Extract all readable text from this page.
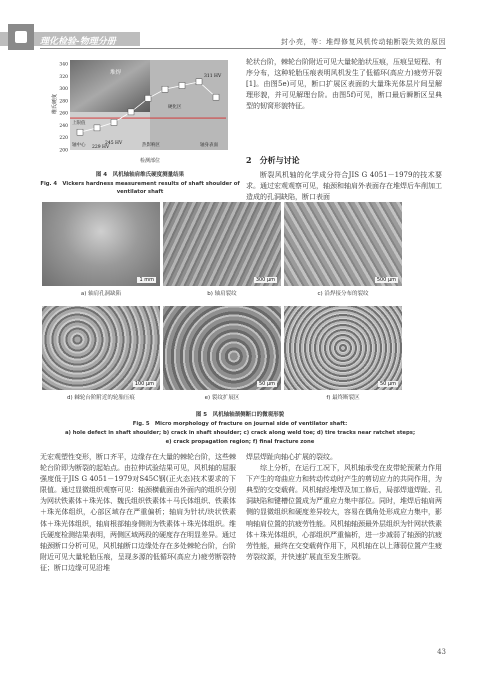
理化检验-物理分册	封小亮，等：堆焊修复风机传动轴断裂失效的原因
200
220
240
260
280
300
320
340
堆焊
上限值
硬化区
轴中心	热影响区	轴身表面
311 HV
245 HV
229 HV
维氏硬度
检测部位
图 4　风机轴轴肩维氏硬度测量结果
Fig. 4　Vickers hardness measurement results of shaft shoulder of ventilator shaft
轮状台阶，棘轮台阶附近可见大量轮胎状压痕，压痕呈短程、有序分布，这种轮胎压痕表明风机发生了低循环(高应力)疲劳开裂[1]。由图5e)可见，断口扩展区表面的大量珠光体层片间呈解理形貌，并可见解理台阶。由图5f)可见，断口最后瞬断区呈典型的韧窝形貌特征。
2　分析与讨论
断裂风机轴的化学成分符合JIS G 4051－1979的技术要求。通过宏观观察可见，轴颈和轴肩外表面存在堆焊后车削加工造成的孔洞缺陷，断口表面
1 mm
a) 轴肩孔洞缺陷
300 μm
b) 轴肩裂纹
500 μm
c) 沿焊接分布的裂纹
100 μm
d) 棘轮台阶附近的轮胎压痕
50 μm
e) 裂纹扩展区
50 μm
f) 最终断裂区
图 5　风机轴轴颈侧断口的微观形貌
Fig. 5　Micro morphology of fracture on journal side of ventilator shaft:
a) hole defect in shaft shoulder; b) crack in shaft shoulder; c) crack along weld toe; d) tire tracks near ratchet steps;
e) crack propagation region; f) final fracture zone
无宏观塑性变形，断口齐平，边缘存在大量的棘轮台阶，这些棘轮台阶即为断裂的起始点。由拉伸试验结果可见，风机轴的屈服强度低于JIS G 4051－1979对S45C钢(正火态)技术要求的下限值。通过显微组织观察可见：轴颈横截面由外面内的组织分别为网状铁素体＋珠光体、魏氏组织铁素体＋马氏体组织、铁素体＋珠光体组织，心部区域存在严重偏析；轴肩为针状/块状铁素体＋珠光体组织，轴肩根部轴身侧则为铁素体＋珠光体组织。维氏硬度检测结果表明，两侧区域两段的硬度存在明显差异。通过轴颈断口分析可见，风机轴断口边缘处存在多处棘轮台阶，台阶附近可见大量轮胎压痕，呈现多源的低循环(高应力)疲劳断裂特征；断口边缘可见沿堆
焊层焊趾向轴心扩展的裂纹。
　　综上分析，在运行工况下，风机轴承受在皮带轮预紧力作用下产生的弯曲应力和转动传动时产生的剪切应力的共同作用，为典型的交变载荷。风机轴经堆焊及加工修后，局部焊道焊趾、孔洞缺陷和键槽位置成为严重应力集中部位。同时，堆焊后轴肩两侧的显微组织和硬度差异较大，容易在偶角处形成应力集中，影响轴肩位置的抗疲劳性能。风机轴轴颈最外层组织为针网状铁素体＋珠光体组织，心部组织严重偏析，进一步减弱了轴颈的抗疲劳性能，最终在交变载荷作用下，风机轴在以上薄弱位置产生疲劳裂纹源，并快速扩展直至发生断裂。
43
